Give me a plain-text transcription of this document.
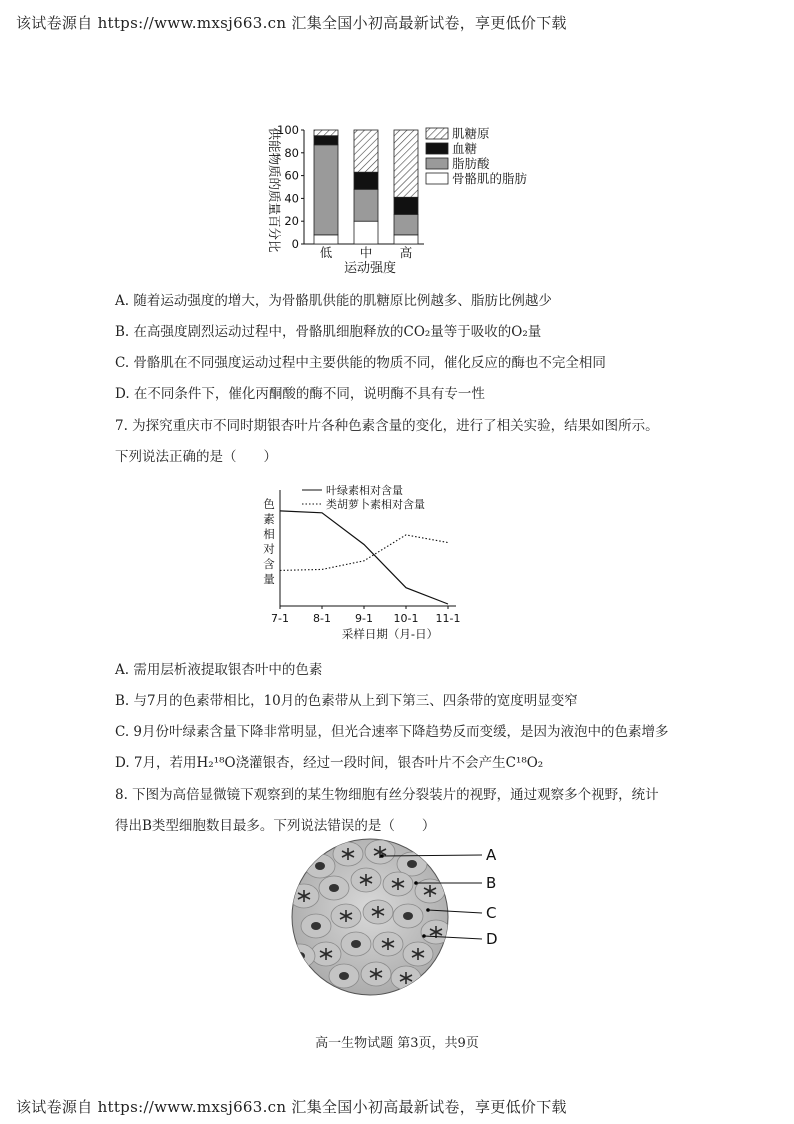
该试卷源自 https://www.mxsj663.cn 汇集全国小初高最新试卷，享更低价下载
0
20
40
60
80
100
低 中 高
肌糖原
血糖
脂肪酸
骨骼肌的脂肪
供能物质的质量百分比
运动强度
A. 随着运动强度的增大，为骨骼肌供能的肌糖原比例越多、脂肪比例越少
B. 在高强度剧烈运动过程中，骨骼肌细胞释放的CO₂量等于吸收的O₂量
C. 骨骼肌在不同强度运动过程中主要供能的物质不同，催化反应的酶也不完全相同
D. 在不同条件下，催化丙酮酸的酶不同，说明酶不具有专一性
7. 为探究重庆市不同时期银杏叶片各种色素含量的变化，进行了相关实验，结果如图所示。
下列说法正确的是（　　）
叶绿素相对含量
类胡萝卜素相对含量
7-1 8-1 9-1 10-1 11-1
色
素
相
对
含
量
采样日期（月-日）
A. 需用层析液提取银杏叶中的色素
B. 与7月的色素带相比，10月的色素带从上到下第三、四条带的宽度明显变窄
C. 9月份叶绿素含量下降非常明显，但光合速率下降趋势反而变缓，是因为液泡中的色素增多
D. 7月，若用H₂¹⁸O浇灌银杏，经过一段时间，银杏叶片不会产生C¹⁸O₂
8. 下图为高倍显微镜下观察到的某生物细胞有丝分裂装片的视野，通过观察多个视野，统计
得出B类型细胞数目最多。下列说法错误的是（　　）
A
B
C
D
高一生物试题 第3页，共9页
该试卷源自 https://www.mxsj663.cn 汇集全国小初高最新试卷，享更低价下载
